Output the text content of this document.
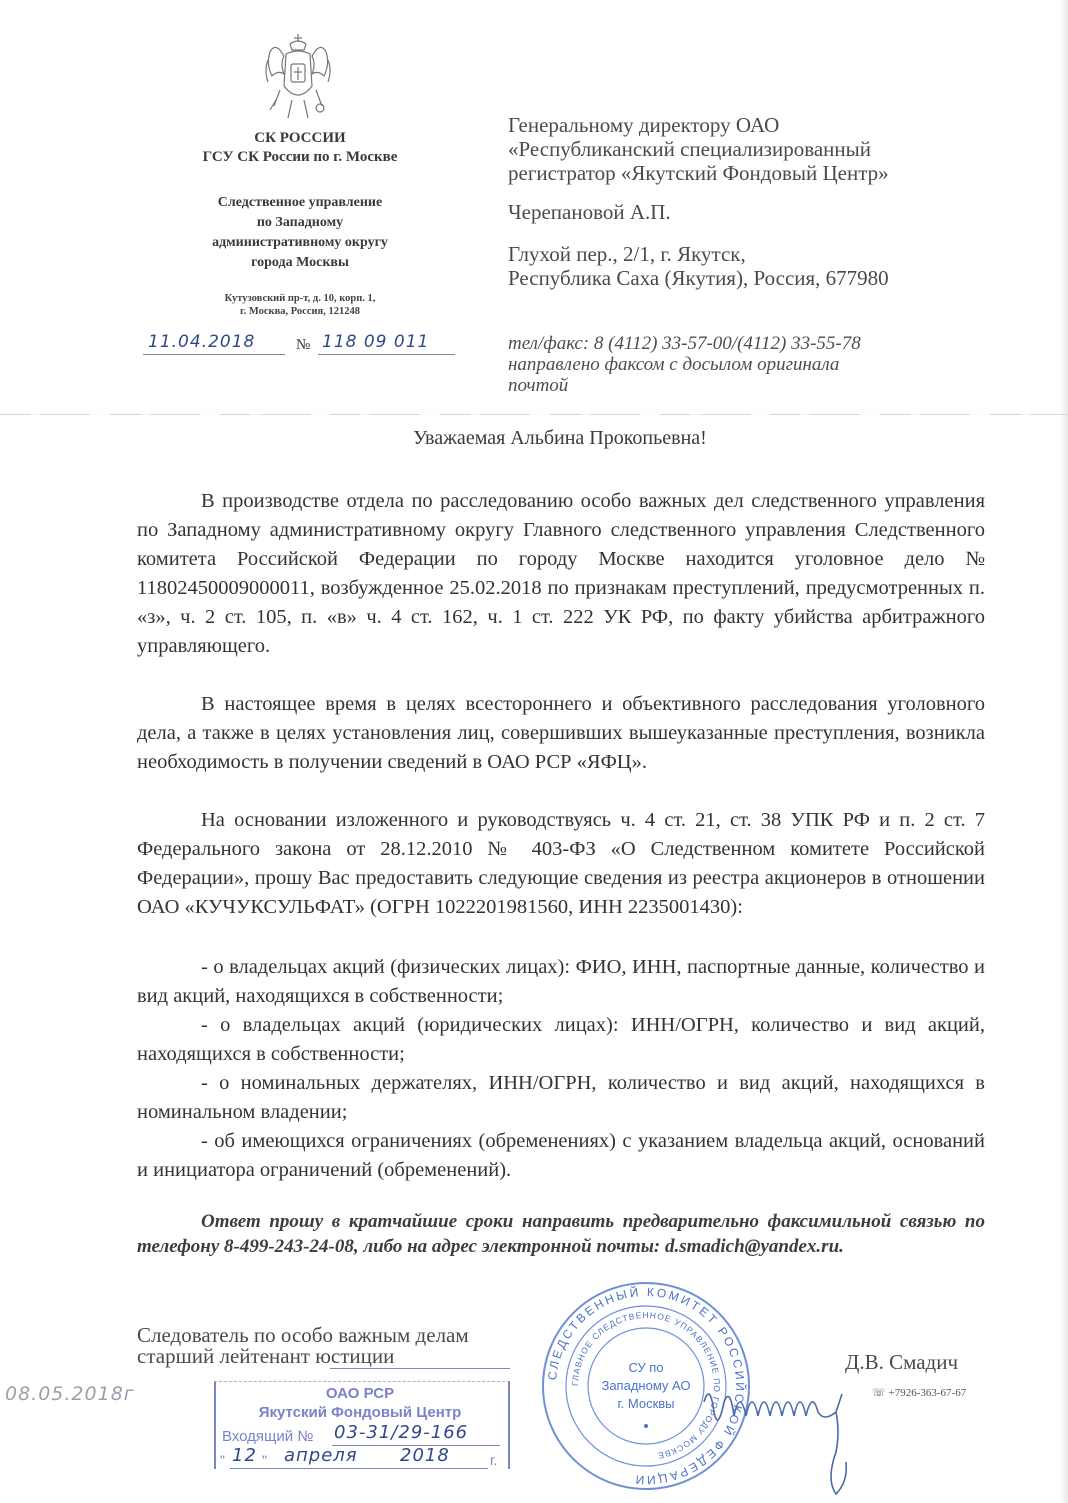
СК РОССИИ
ГСУ СК России по г. Москве
Следственное управление
по Западному
административному округу
города Москвы
Кутузовский пр-т, д. 10, корп. 1,
г. Москва, Россия, 121248
11.04.2018	№ 118 09 011
Генеральному директору ОАО
«Республиканский специализированный
регистратор «Якутский Фондовый Центр»
Черепановой А.П.
Глухой пер., 2/1, г. Якутск,
Республика Саха (Якутия), Россия, 677980
тел/факс: 8 (4112) 33-57-00/(4112) 33-55-78
направлено факсом с досылом оригинала
почтой
Уважаемая Альбина Прокопьевна!

В производстве отдела по расследованию особо важных дел следственного управления по Западному административному округу Главного следственного управления Следственного комитета Российской Федерации по городу Москве находится уголовное дело № 11802450009000011, возбужденное 25.02.2018 по признакам преступлений, предусмотренных п. «з», ч. 2 ст. 105, п. «в» ч. 4 ст. 162, ч. 1 ст. 222 УК РФ, по факту убийства арбитражного управляющего.

В настоящее время в целях всестороннего и объективного расследования уголовного дела, а также в целях установления лиц, совершивших вышеуказанные преступления, возникла необходимость в получении сведений в ОАО РСР «ЯФЦ».

На основании изложенного и руководствуясь ч. 4 ст. 21, ст. 38 УПК РФ и п. 2 ст. 7 Федерального закона от 28.12.2010 № 403-ФЗ «О Следственном комитете Российской Федерации», прошу Вас предоставить следующие сведения из реестра акционеров в отношении ОАО «КУЧУКСУЛЬФАТ» (ОГРН 1022201981560, ИНН 2235001430):

- о владельцах акций (физических лицах): ФИО, ИНН, паспортные данные, количество и вид акций, находящихся в собственности;

- о владельцах акций (юридических лицах): ИНН/ОГРН, количество и вид акций, находящихся в собственности;

- о номинальных держателях, ИНН/ОГРН, количество и вид акций, находящихся в номинальном владении;

- об имеющихся ограничениях (обременениях) с указанием владельца акций, оснований и инициатора ограничений (обременений).

Ответ прошу в кратчайшие сроки направить предварительно факсимильной связью по телефону 8-499-243-24-08, либо на адрес электронной почты: d.smadich@yandex.ru.

Следователь по особо важным делам
старший лейтенант юстиции	Д.В. Смадич
☏ +7926-363-67-67
08.05.2018г	ОАО РСР
Якутский Фондовый Центр
Входящий № 03-31/29-166
" 12 " апреля 2018	г.
СЛЕДСТВЕННЫЙ КОМИТЕТ РОССИЙСКОЙ ФЕДЕРАЦИИ
ГЛАВНОЕ СЛЕДСТВЕННОЕ УПРАВЛЕНИЕ ПО ГОРОДУ МОСКВЕ
СУ по
Западному АО
г. Москвы
